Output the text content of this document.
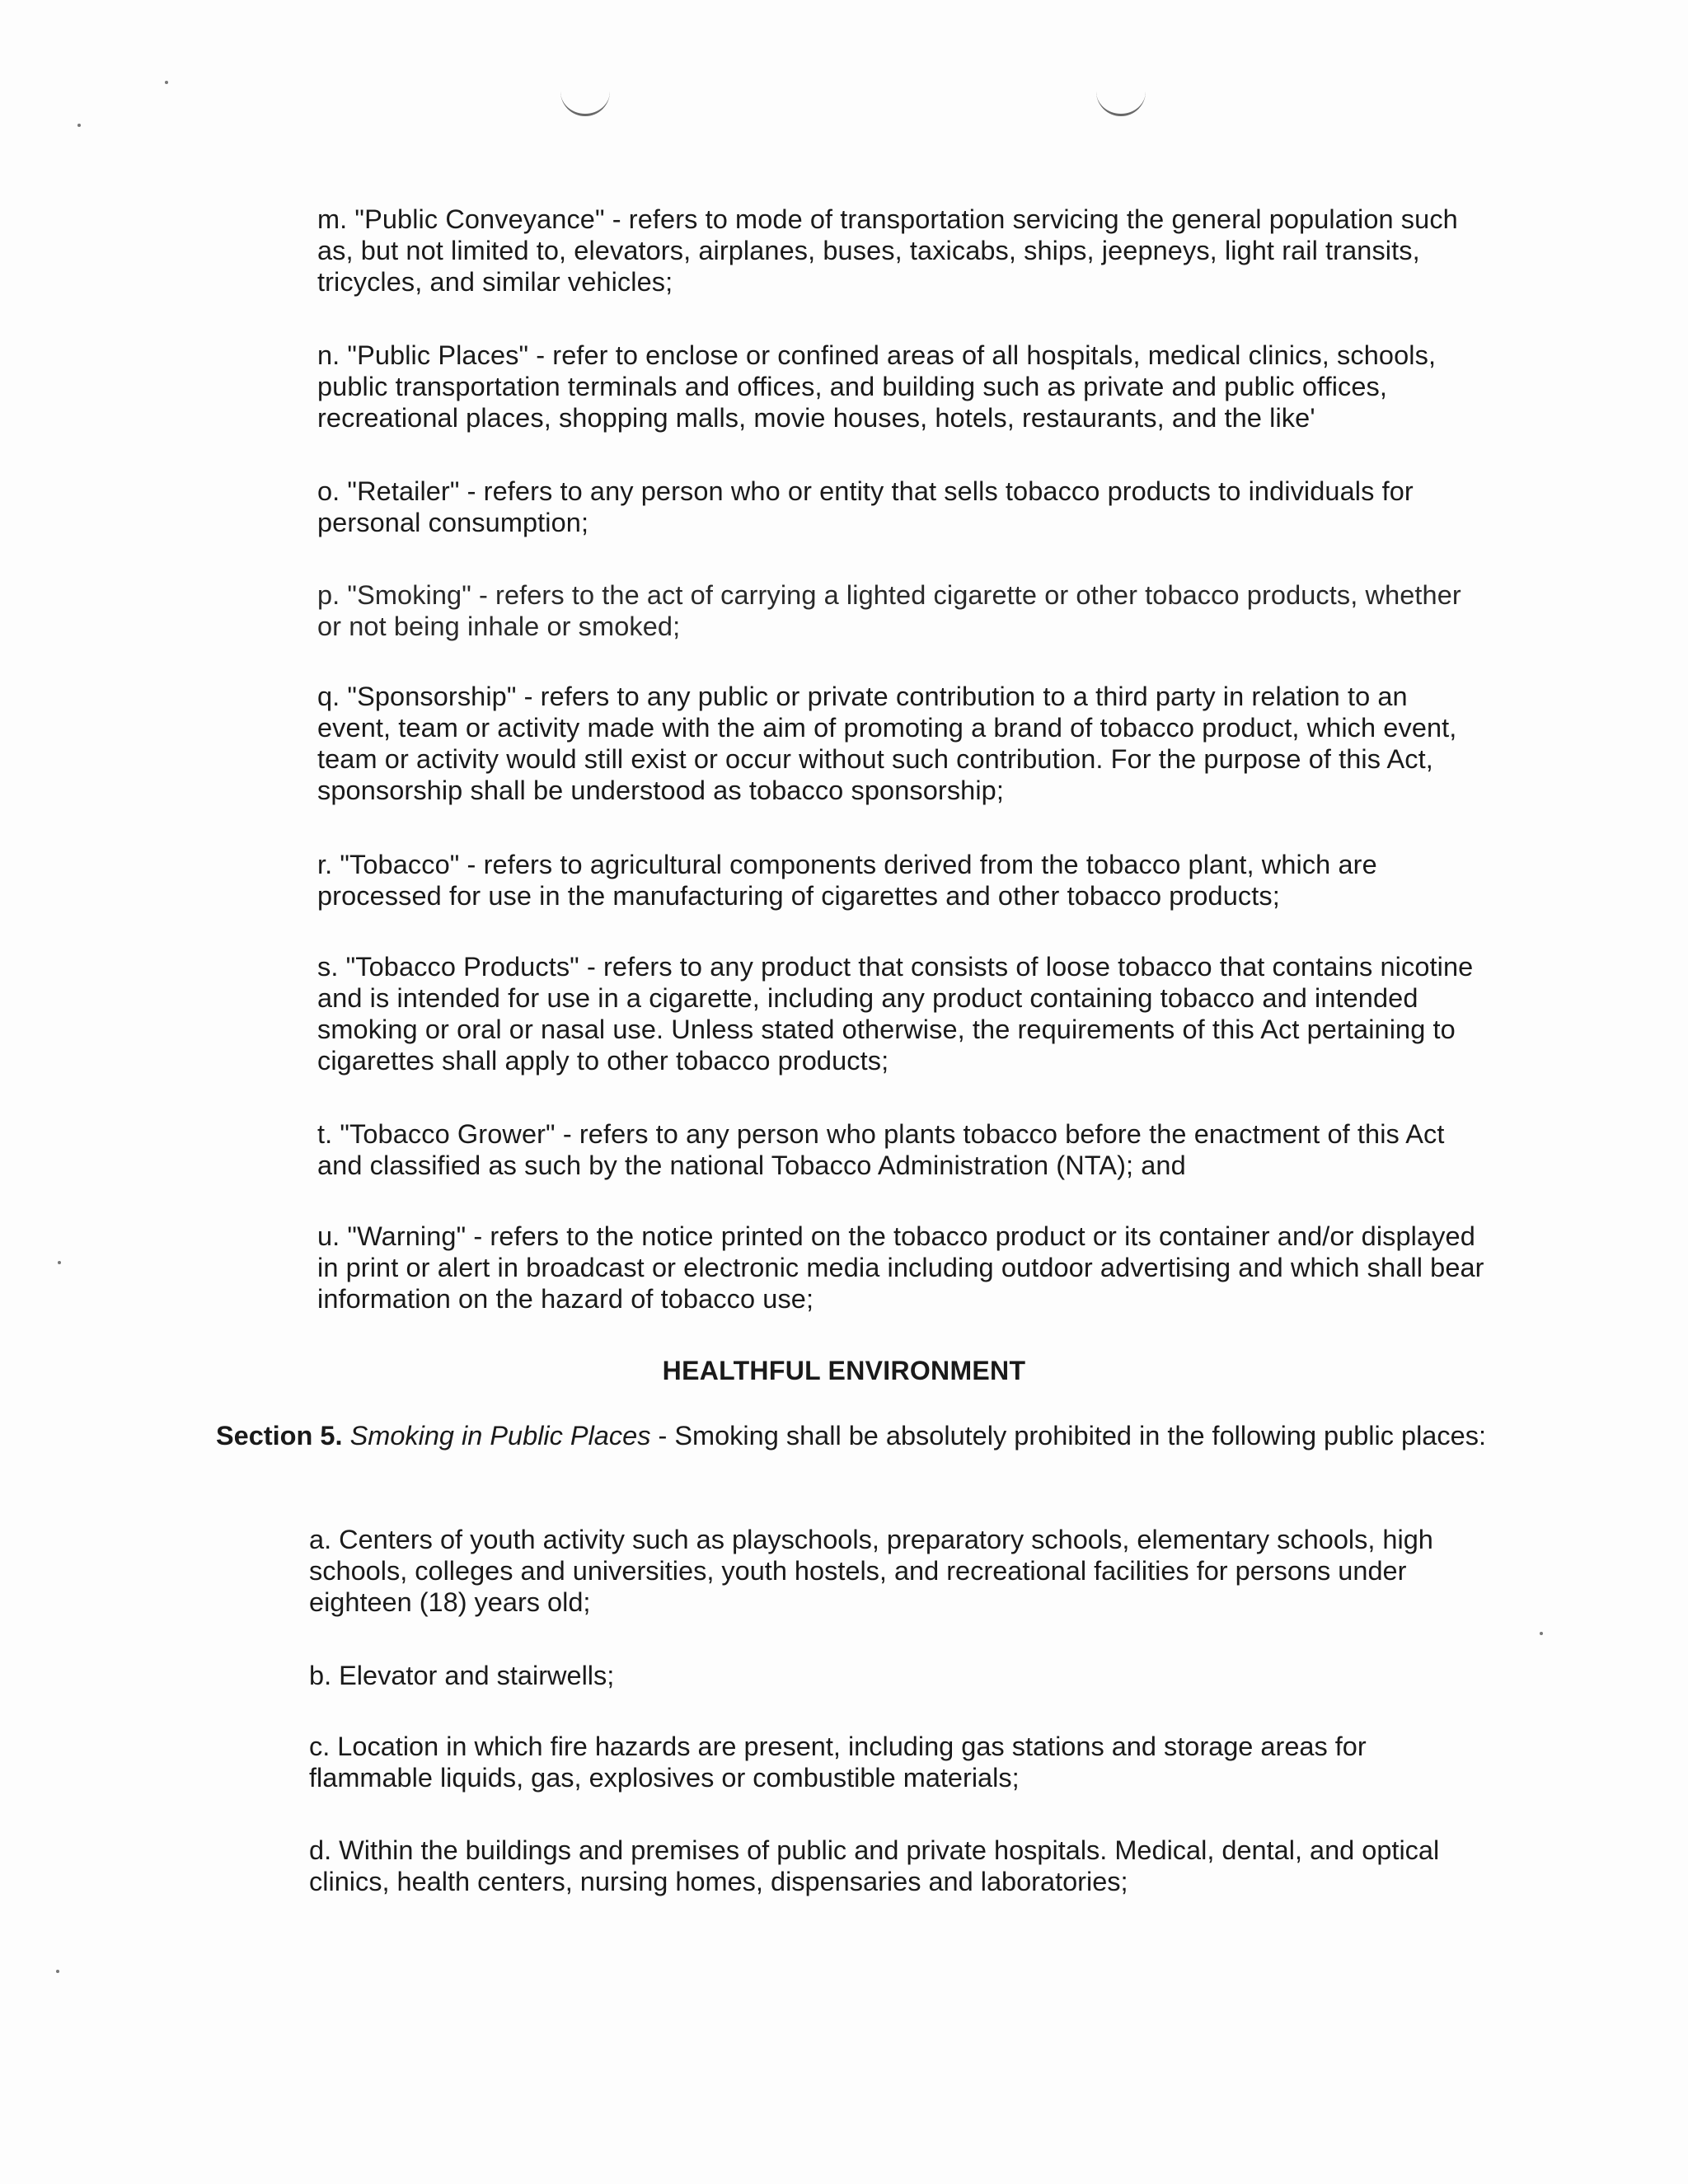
m. "Public Conveyance" - refers to mode of transportation servicing the general population such as, but not limited to, elevators, airplanes, buses, taxicabs, ships, jeepneys, light rail transits, tricycles, and similar vehicles;

n. "Public Places" - refer to enclose or confined areas of all hospitals, medical clinics, schools, public transportation terminals and offices, and building such as private and public offices, recreational places, shopping malls, movie houses, hotels, restaurants, and the like'

o. "Retailer" - refers to any person who or entity that sells tobacco products to individuals for personal consumption;

p. "Smoking" - refers to the act of carrying a lighted cigarette or other tobacco products, whether or not being inhale or smoked;

q. "Sponsorship" - refers to any public or private contribution to a third party in relation to an event, team or activity made with the aim of promoting a brand of tobacco product, which event, team or activity would still exist or occur without such contribution. For the purpose of this Act, sponsorship shall be understood as tobacco sponsorship;

r. "Tobacco" - refers to agricultural components derived from the tobacco plant, which are processed for use in the manufacturing of cigarettes and other tobacco products;

s. "Tobacco Products" - refers to any product that consists of loose tobacco that contains nicotine and is intended for use in a cigarette, including any product containing tobacco and intended smoking or oral or nasal use. Unless stated otherwise, the requirements of this Act pertaining to cigarettes shall apply to other tobacco products;

t. "Tobacco Grower" - refers to any person who plants tobacco before the enactment of this Act and classified as such by the national Tobacco Administration (NTA); and

u. "Warning" - refers to the notice printed on the tobacco product or its container and/or displayed in print or alert in broadcast or electronic media including outdoor advertising and which shall bear information on the hazard of tobacco use;

HEALTHFUL ENVIRONMENT

Section 5. Smoking in Public Places - Smoking shall be absolutely prohibited in the following public places:

a. Centers of youth activity such as playschools, preparatory schools, elementary schools, high schools, colleges and universities, youth hostels, and recreational facilities for persons under eighteen (18) years old;

b. Elevator and stairwells;

c. Location in which fire hazards are present, including gas stations and storage areas for flammable liquids, gas, explosives or combustible materials;

d. Within the buildings and premises of public and private hospitals. Medical, dental, and optical clinics, health centers, nursing homes, dispensaries and laboratories;
